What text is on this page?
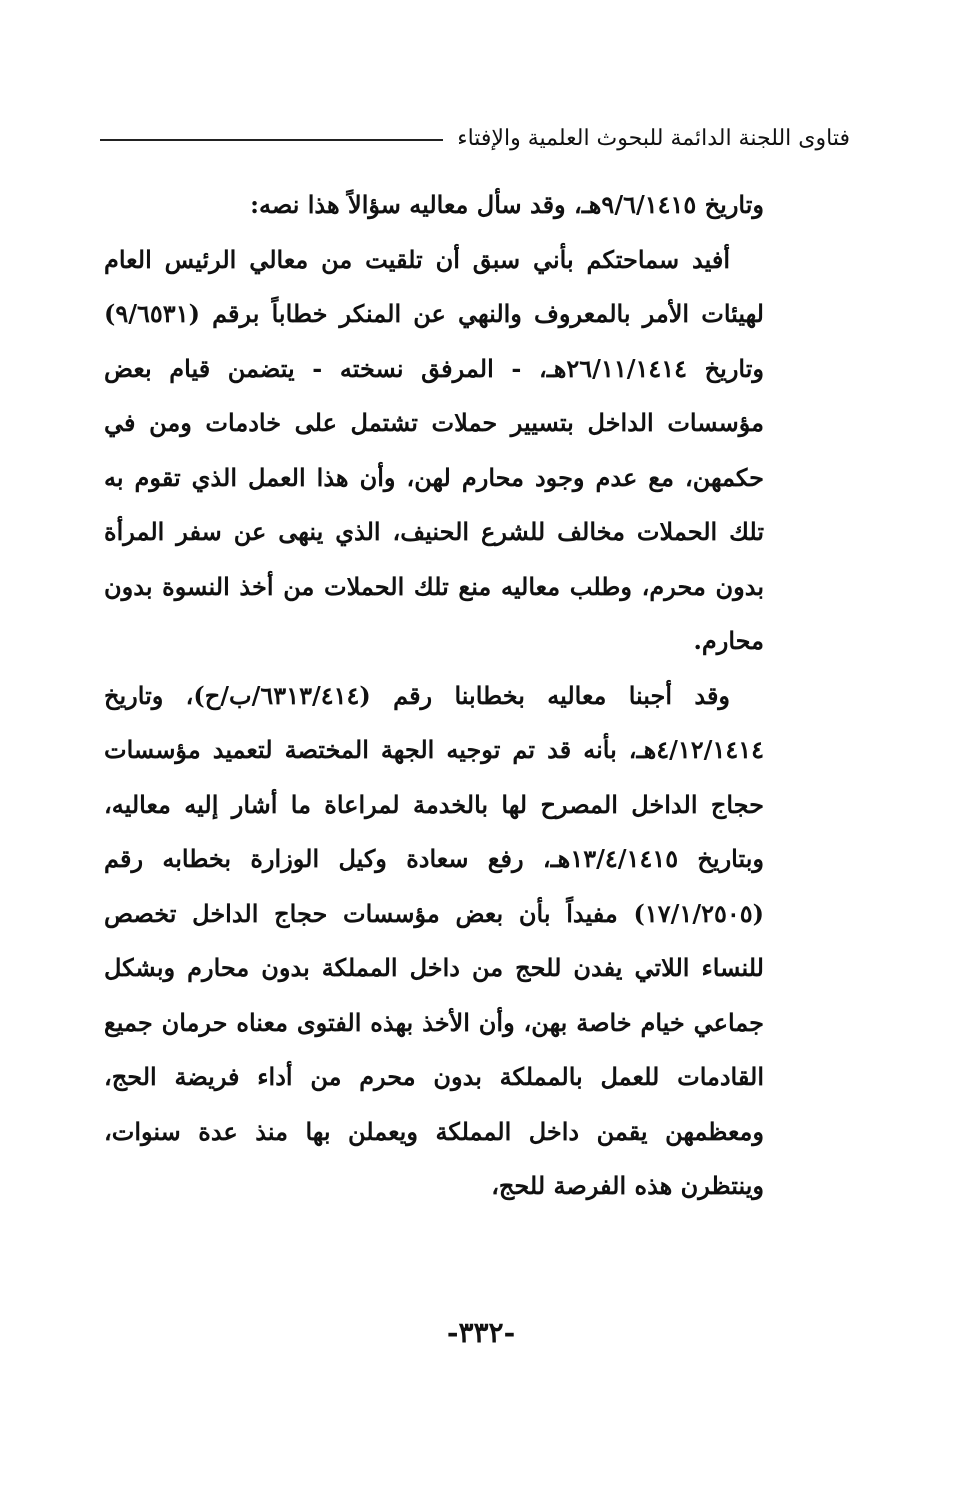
فتاوى اللجنة الدائمة للبحوث العلمية والإفتاء

وتاريخ ٩/٦/١٤١٥هـ، وقد سأل معاليه سؤالاً هذا نصه:

أفيد سماحتكم بأني سبق أن تلقيت من معالي الرئيس العام لهيئات الأمر بالمعروف والنهي عن المنكر خطاباً برقم (٩/٦٥٣١) وتاريخ ٢٦/١١/١٤١٤هـ، - المرفق نسخته - يتضمن قيام بعض مؤسسات الداخل بتسيير حملات تشتمل على خادمات ومن في حكمهن، مع عدم وجود محارم لهن، وأن هذا العمل الذي تقوم به تلك الحملات مخالف للشرع الحنيف، الذي ينهى عن سفر المرأة بدون محرم، وطلب معاليه منع تلك الحملات من أخذ النسوة بدون محارم.

وقد أجبنا معاليه بخطابنا رقم (٦٣١٣/٤١٤/ب/ح)، وتاريخ ٤/١٢/١٤١٤هـ، بأنه قد تم توجيه الجهة المختصة لتعميد مؤسسات حجاج الداخل المصرح لها بالخدمة لمراعاة ما أشار إليه معاليه، وبتاريخ ١٣/٤/١٤١٥هـ، رفع سعادة وكيل الوزارة بخطابه رقم (١٧/١/٢٥٠٥) مفيداً بأن بعض مؤسسات حجاج الداخل تخصص للنساء اللاتي يفدن للحج من داخل المملكة بدون محارم وبشكل جماعي خيام خاصة بهن، وأن الأخذ بهذه الفتوى معناه حرمان جميع القادمات للعمل بالمملكة بدون محرم من أداء فريضة الحج، ومعظمهن يقمن داخل المملكة ويعملن بها منذ عدة سنوات، وينتظرن هذه الفرصة للحج،

-٣٣٢-
